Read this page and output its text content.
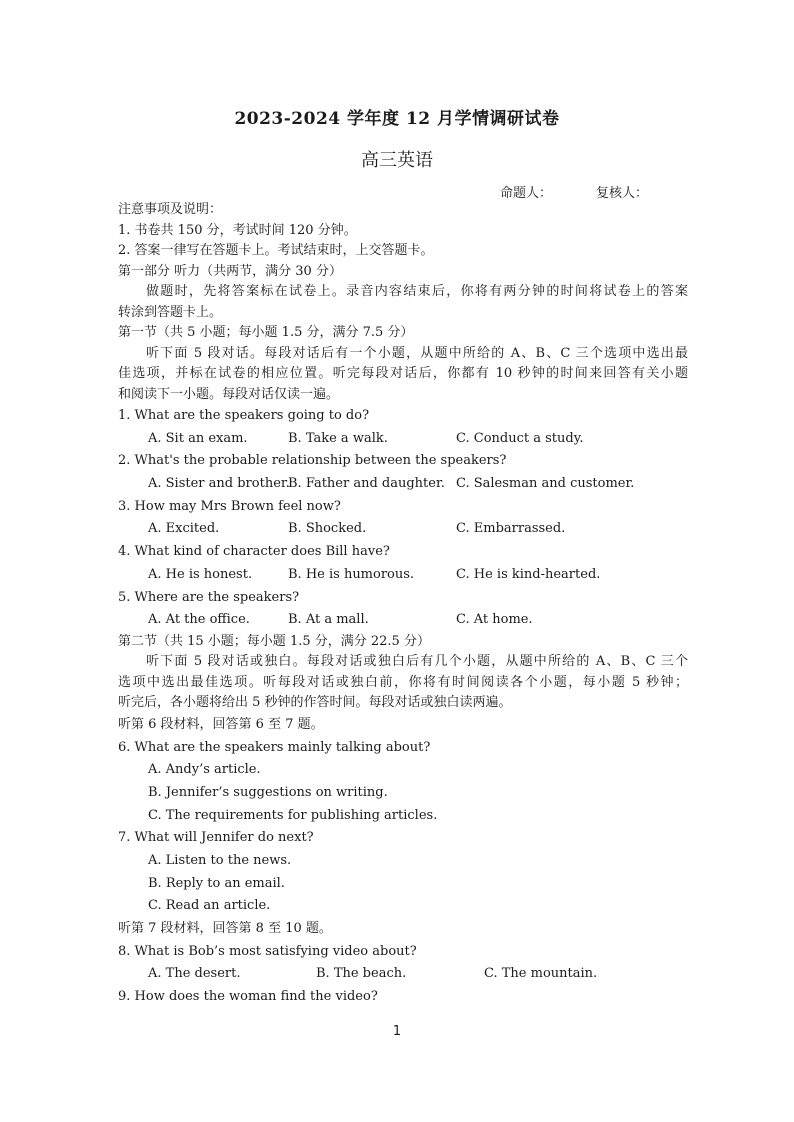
2023-2024 学年度 12 月学情调研试卷
高三英语
命题人：	复核人：
注意事项及说明：
1. 书卷共 150 分，考试时间 120 分钟。
2. 答案一律写在答题卡上。考试结束时，上交答题卡。
第一部分 听力（共两节，满分 30 分）
做题时，先将答案标在试卷上。录音内容结束后，你将有两分钟的时间将试卷上的答案
转涂到答题卡上。
第一节（共 5 小题；每小题 1.5 分，满分 7.5 分）
听下面 5 段对话。每段对话后有一个小题，从题中所给的 A、B、C 三个选项中选出最
佳选项，并标在试卷的相应位置。听完每段对话后，你都有 10 秒钟的时间来回答有关小题
和阅读下一小题。每段对话仅读一遍。
1. What are the speakers going to do?
A. Sit an exam.	B. Take a walk.	C. Conduct a study.
2. What's the probable relationship between the speakers?
A. Sister and brother.
B. Father and daughter. C. Salesman and customer.
3. How may Mrs Brown feel now?
A. Excited.	B. Shocked.	C. Embarrassed.
4. What kind of character does Bill have?
A. He is honest.	B. He is humorous.	C. He is kind-hearted.
5. Where are the speakers?
A. At the office.	B. At a mall.	C. At home.
第二节（共 15 小题；每小题 1.5 分，满分 22.5 分）
听下面 5 段对话或独白。每段对话或独白后有几个小题，从题中所给的 A、B、C 三个
选项中选出最佳选项。听每段对话或独白前，你将有时间阅读各个小题，每小题 5 秒钟；
听完后，各小题将给出 5 秒钟的作答时间。每段对话或独白读两遍。
听第 6 段材料，回答第 6 至 7 题。
6. What are the speakers mainly talking about?
A. Andy’s article.
B. Jennifer’s suggestions on writing.
C. The requirements for publishing articles.
7. What will Jennifer do next?
A. Listen to the news.
B. Reply to an email.
C. Read an article.
听第 7 段材料，回答第 8 至 10 题。
8. What is Bob’s most satisfying video about?
A. The desert.	B. The beach.	C. The mountain.
9. How does the woman find the video?
1
